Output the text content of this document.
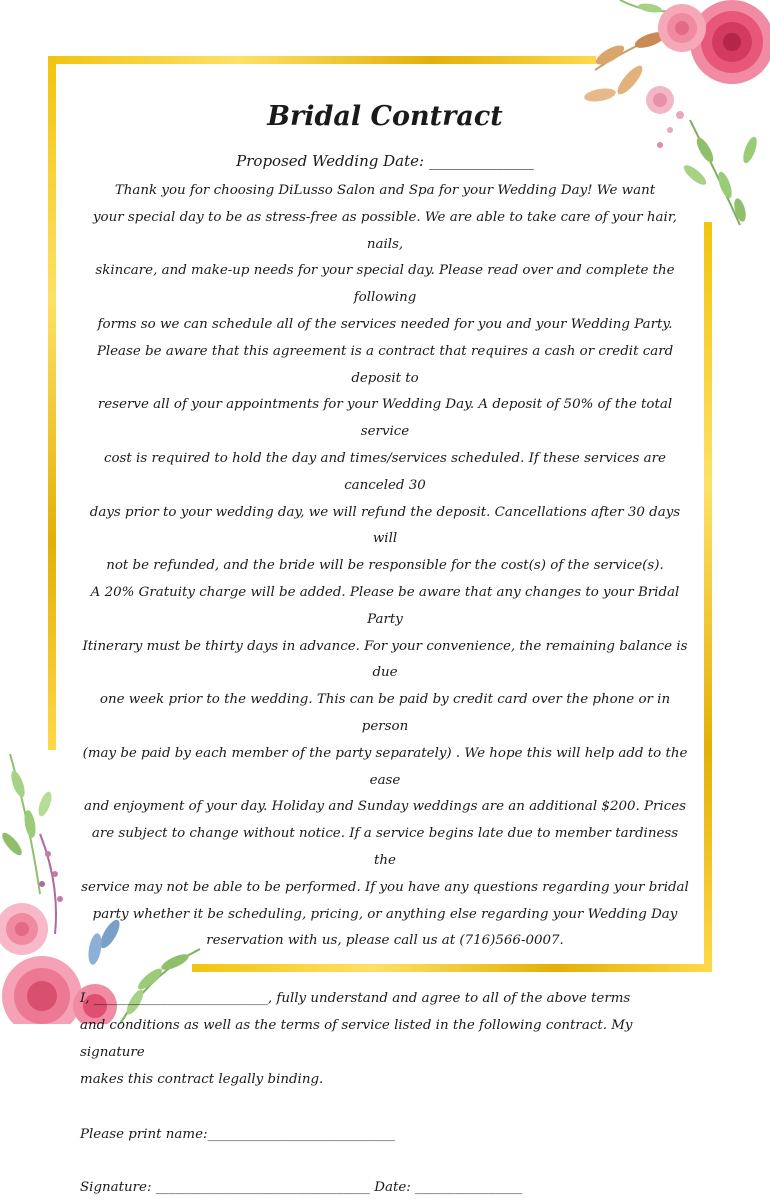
Bridal Contract
Proposed Wedding Date: ______________

Thank you for choosing DiLusso Salon and Spa for your Wedding Day! We want

your special day to be as stress-free as possible. We are able to take care of your hair, nails,

skincare, and make-up needs for your special day. Please read over and complete the following

forms so we can schedule all of the services needed for you and your Wedding Party.

Please be aware that this agreement is a contract that requires a cash or credit card deposit to

reserve all of your appointments for your Wedding Day. A deposit of 50% of the total service

cost is required to hold the day and times/services scheduled. If these services are canceled 30

days prior to your wedding day, we will refund the deposit. Cancellations after 30 days will

not be refunded, and the bride will be responsible for the cost(s) of the service(s).

A 20% Gratuity charge will be added. Please be aware that any changes to your Bridal Party

Itinerary must be thirty days in advance. For your convenience, the remaining balance is due

one week prior to the wedding. This can be paid by credit card over the phone or in person

(may be paid by each member of the party separately) . We hope this will help add to the ease

and enjoyment of your day. Holiday and Sunday weddings are an additional $200. Prices

are subject to change without notice. If a service begins late due to member tardiness the

service may not be able to be performed. If you have any questions regarding your bridal

party whether it be scheduling, pricing, or anything else regarding your Wedding Day

reservation with us, please call us at (716)566-0007.

I, __________________________, fully understand and agree to all of the above terms
and conditions as well as the terms of service listed in the following contract. My signature
makes this contract legally binding.
Please print name:____________________________
Signature: ________________________________ Date: ________________
